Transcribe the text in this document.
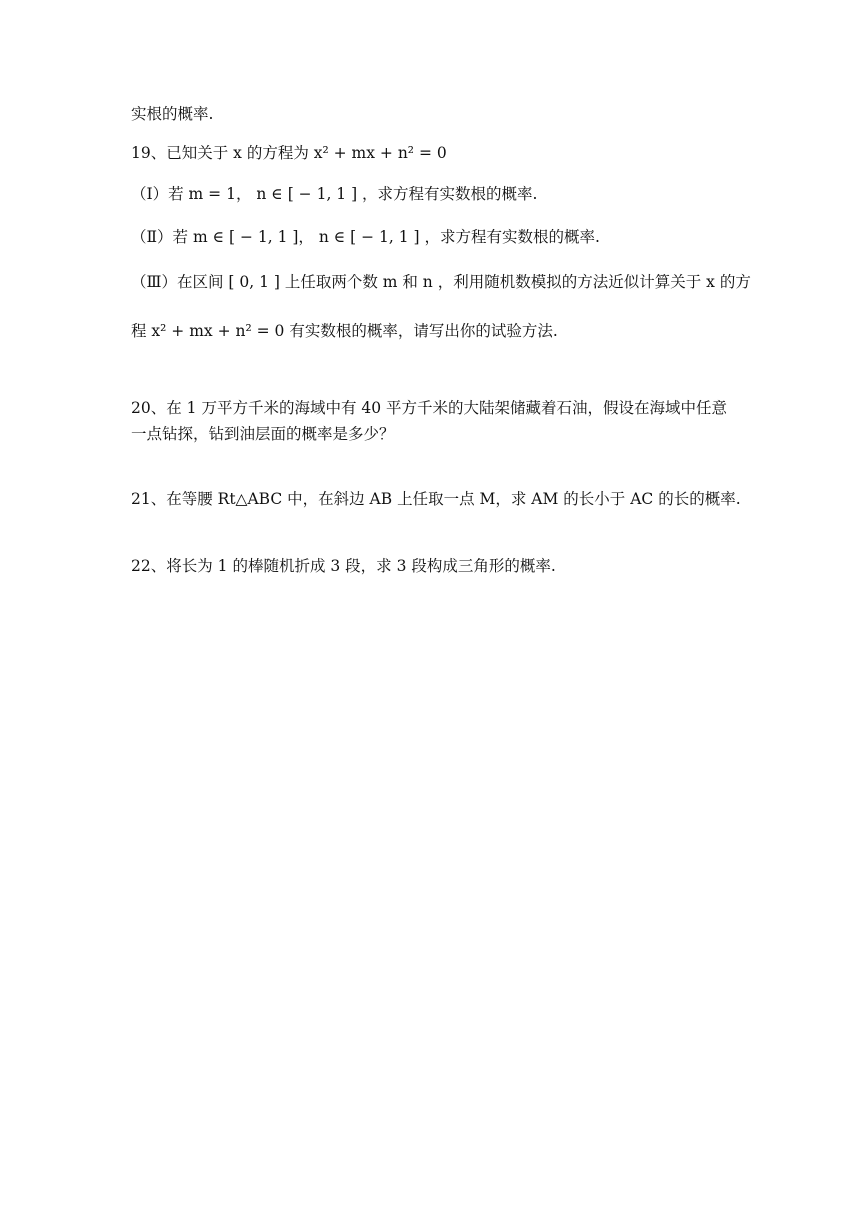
实根的概率.
19、已知关于 x 的方程为 x² + mx + n² = 0
（Ⅰ）若 m = 1， n ∈ [ − 1, 1 ] ，求方程有实数根的概率.
（Ⅱ）若 m ∈ [ − 1, 1 ]， n ∈ [ − 1, 1 ] ，求方程有实数根的概率.
（Ⅲ）在区间 [ 0, 1 ] 上任取两个数 m 和 n ，利用随机数模拟的方法近似计算关于 x 的方
程 x² + mx + n² = 0 有实数根的概率，请写出你的试验方法.
20、在 1 万平方千米的海域中有 40 平方千米的大陆架储藏着石油，假设在海域中任意一点钻探，钻到油层面的概率是多少？
21、在等腰 Rt△ABC 中，在斜边 AB 上任取一点 M，求 AM 的长小于 AC 的长的概率.
22、将长为 1 的棒随机折成 3 段，求 3 段构成三角形的概率.
